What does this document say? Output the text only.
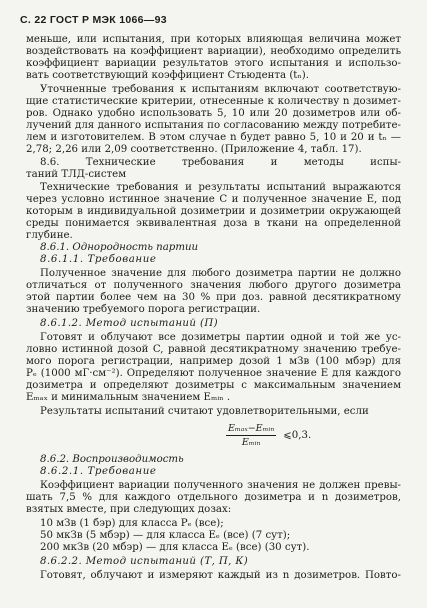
С. 22 ГОСТ Р МЭК 1066—93
меньше, или испытания, при которых влияющая величина может
воздействовать на коэффициент вариации), необходимо определить
коэффициент вариации результатов этого испытания и использо-
вать соответствующий коэффициент Стьюдента (tₙ).
Уточненные требования к испытаниям включают соответствую-
щие статистические критерии, отнесенные к количеству n дозимет-
ров. Однако удобно использовать 5, 10 или 20 дозиметров или об-
лучений для данного испытания по согласованию между потребите-
лем и изготовителем. В этом случае n будет равно 5, 10 и 20 и tₙ —
2,78; 2,26 или 2,09 соответственно. (Приложение 4, табл. 17).
8.6. Технические требования и методы испы-
таний ТЛД-систем
Технические требования и результаты испытаний выражаются
через условно истинное значение C и полученное значение E, под
которым в индивидуальной дозиметрии и дозиметрии окружающей
среды понимается эквивалентная доза в ткани на определенной
глубине.
8.6.1. Однородность партии
8.6.1.1. Требование
Полученное значение для любого дозиметра партии не должно
отличаться от полученного значения любого другого дозиметра
этой партии более чем на 30 % при доз. равной десятикратному
значению требуемого порога регистрации.
8.6.1.2. Метод испытаний (П)
Готовят и облучают все дозиметры партии одной и той же ус-
ловно истинной дозой C, равной десятикратному значению требуе-
мого порога регистрации, например дозой 1 мЗв (100 мбэр) для
Pₑ (1000 мГ·см⁻²). Определяют полученное значение E для каждого
дозиметра и определяют дозиметры с максимальным значением
Eₘₐₓ и минимальным значением Eₘᵢₙ .
Результаты испытаний считают удовлетворительными, если
$\frac{\text{Eₘₐₓ−Eₘᵢₙ}}{\text{Eₘᵢₙ}}$ ⩽0,3.
8.6.2. Воспроизводимость
8.6.2.1. Требование
Коэффициент вариации полученного значения не должен превы-
шать 7,5 % для каждого отдельного дозиметра и n дозиметров,
взятых вместе, при следующих дозах:
10 мЗв (1 бэр) для класса Pₑ (все);
50 мкЗв (5 мбэр) — для класса Eₑ (все) (7 сут);
200 мкЗв (20 мбэр) — для класса Eₑ (все) (30 сут).
8.6.2.2. Метод испытаний (Т, П, К)
Готовят, облучают и измеряют каждый из n дозиметров. Повто-
